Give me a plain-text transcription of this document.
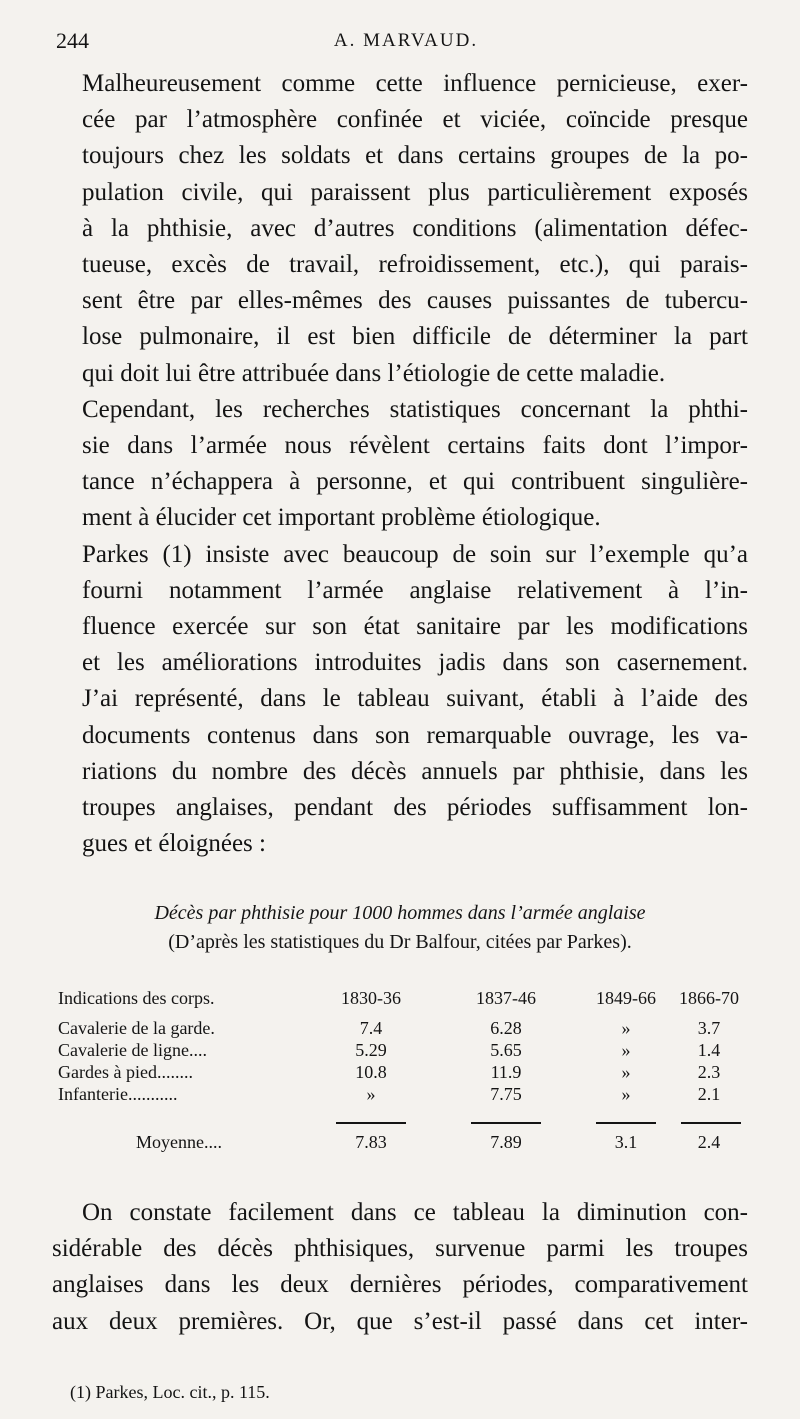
244	A. MARVAUD.

Malheureusement comme cette influence pernicieuse, exer-
cée par l’atmosphère confinée et viciée, coïncide presque
toujours chez les soldats et dans certains groupes de la po-
pulation civile, qui paraissent plus particulièrement exposés
à la phthisie, avec d’autres conditions (alimentation défec-
tueuse, excès de travail, refroidissement, etc.), qui parais-
sent être par elles-mêmes des causes puissantes de tubercu-
lose pulmonaire, il est bien difficile de déterminer la part
qui doit lui être attribuée dans l’étiologie de cette maladie.

Cependant, les recherches statistiques concernant la phthi-
sie dans l’armée nous révèlent certains faits dont l’impor-
tance n’échappera à personne, et qui contribuent singulière-
ment à élucider cet important problème étiologique.

Parkes (1) insiste avec beaucoup de soin sur l’exemple qu’a
fourni notamment l’armée anglaise relativement à l’in-
fluence exercée sur son état sanitaire par les modifications
et les améliorations introduites jadis dans son casernement.
J’ai représenté, dans le tableau suivant, établi à l’aide des
documents contenus dans son remarquable ouvrage, les va-
riations du nombre des décès annuels par phthisie, dans les
troupes anglaises, pendant des périodes suffisamment lon-
gues et éloignées :

Décès par phthisie pour 1000 hommes dans l’armée anglaise
(D’après les statistiques du Dr Balfour, citées par Parkes).
Indications des corps.	1830-36	1837-46	1849-66	1866-70
Cavalerie de la garde.	7.4	6.28	»	3.7
Cavalerie de ligne....	5.29	5.65	»	1.4
Gardes à pied........	10.8	11.9	»	2.3
Infanterie...........	»	7.75	»	2.1
Moyenne....	7.83	7.89	3.1	2.4
On constate facilement dans ce tableau la diminution con-
sidérable des décès phthisiques, survenue parmi les troupes
anglaises dans les deux dernières périodes, comparativement
aux deux premières. Or, que s’est-il passé dans cet inter-
(1) Parkes, Loc. cit., p. 115.
